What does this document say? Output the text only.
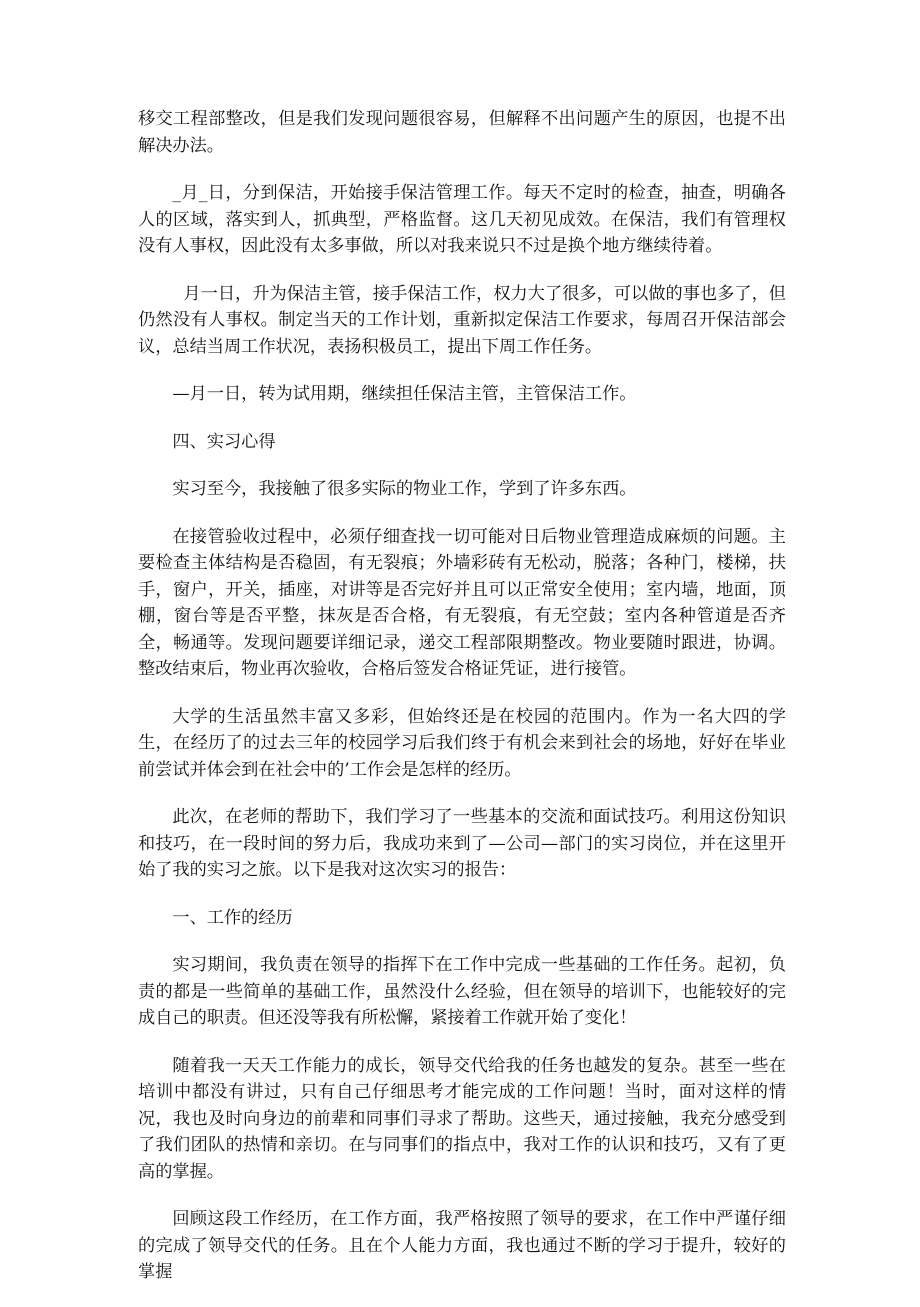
移交工程部整改，但是我们发现问题很容易，但解释不出问题产生的原因，也提不出解决办法。

_月_日，分到保洁，开始接手保洁管理工作。每天不定时的检查，抽查，明确各人的区域，落实到人，抓典型，严格监督。这几天初见成效。在保洁，我们有管理权没有人事权，因此没有太多事做，所以对我来说只不过是换个地方继续待着。

月一日，升为保洁主管，接手保洁工作，权力大了很多，可以做的事也多了，但仍然没有人事权。制定当天的工作计划，重新拟定保洁工作要求，每周召开保洁部会议，总结当周工作状况，表扬积极员工，提出下周工作任务。

—月一日，转为试用期，继续担任保洁主管，主管保洁工作。

四、实习心得

实习至今，我接触了很多实际的物业工作，学到了许多东西。

在接管验收过程中，必须仔细查找一切可能对日后物业管理造成麻烦的问题。主要检查主体结构是否稳固，有无裂痕；外墙彩砖有无松动，脱落；各种门，楼梯，扶手，窗户，开关，插座，对讲等是否完好并且可以正常安全使用；室内墙，地面，顶棚，窗台等是否平整，抹灰是否合格，有无裂痕，有无空鼓；室内各种管道是否齐全，畅通等。发现问题要详细记录，递交工程部限期整改。物业要随时跟进，协调。整改结束后，物业再次验收，合格后签发合格证凭证，进行接管。

大学的生活虽然丰富又多彩，但始终还是在校园的范围内。作为一名大四的学生，在经历了的过去三年的校园学习后我们终于有机会来到社会的场地，好好在毕业前尝试并体会到在社会中的’工作会是怎样的经历。

此次，在老师的帮助下，我们学习了一些基本的交流和面试技巧。利用这份知识和技巧，在一段时间的努力后，我成功来到了—公司—部门的实习岗位，并在这里开始了我的实习之旅。以下是我对这次实习的报告：

一、工作的经历

实习期间，我负责在领导的指挥下在工作中完成一些基础的工作任务。起初，负责的都是一些简单的基础工作，虽然没什么经验，但在领导的培训下，也能较好的完成自己的职责。但还没等我有所松懈，紧接着工作就开始了变化！

随着我一天天工作能力的成长，领导交代给我的任务也越发的复杂。甚至一些在培训中都没有讲过，只有自己仔细思考才能完成的工作问题！当时，面对这样的情况，我也及时向身边的前辈和同事们寻求了帮助。这些天，通过接触，我充分感受到了我们团队的热情和亲切。在与同事们的指点中，我对工作的认识和技巧，又有了更高的掌握。

回顾这段工作经历，在工作方面，我严格按照了领导的要求，在工作中严谨仔细的完成了领导交代的任务。且在个人能力方面，我也通过不断的学习于提升，较好的掌握
